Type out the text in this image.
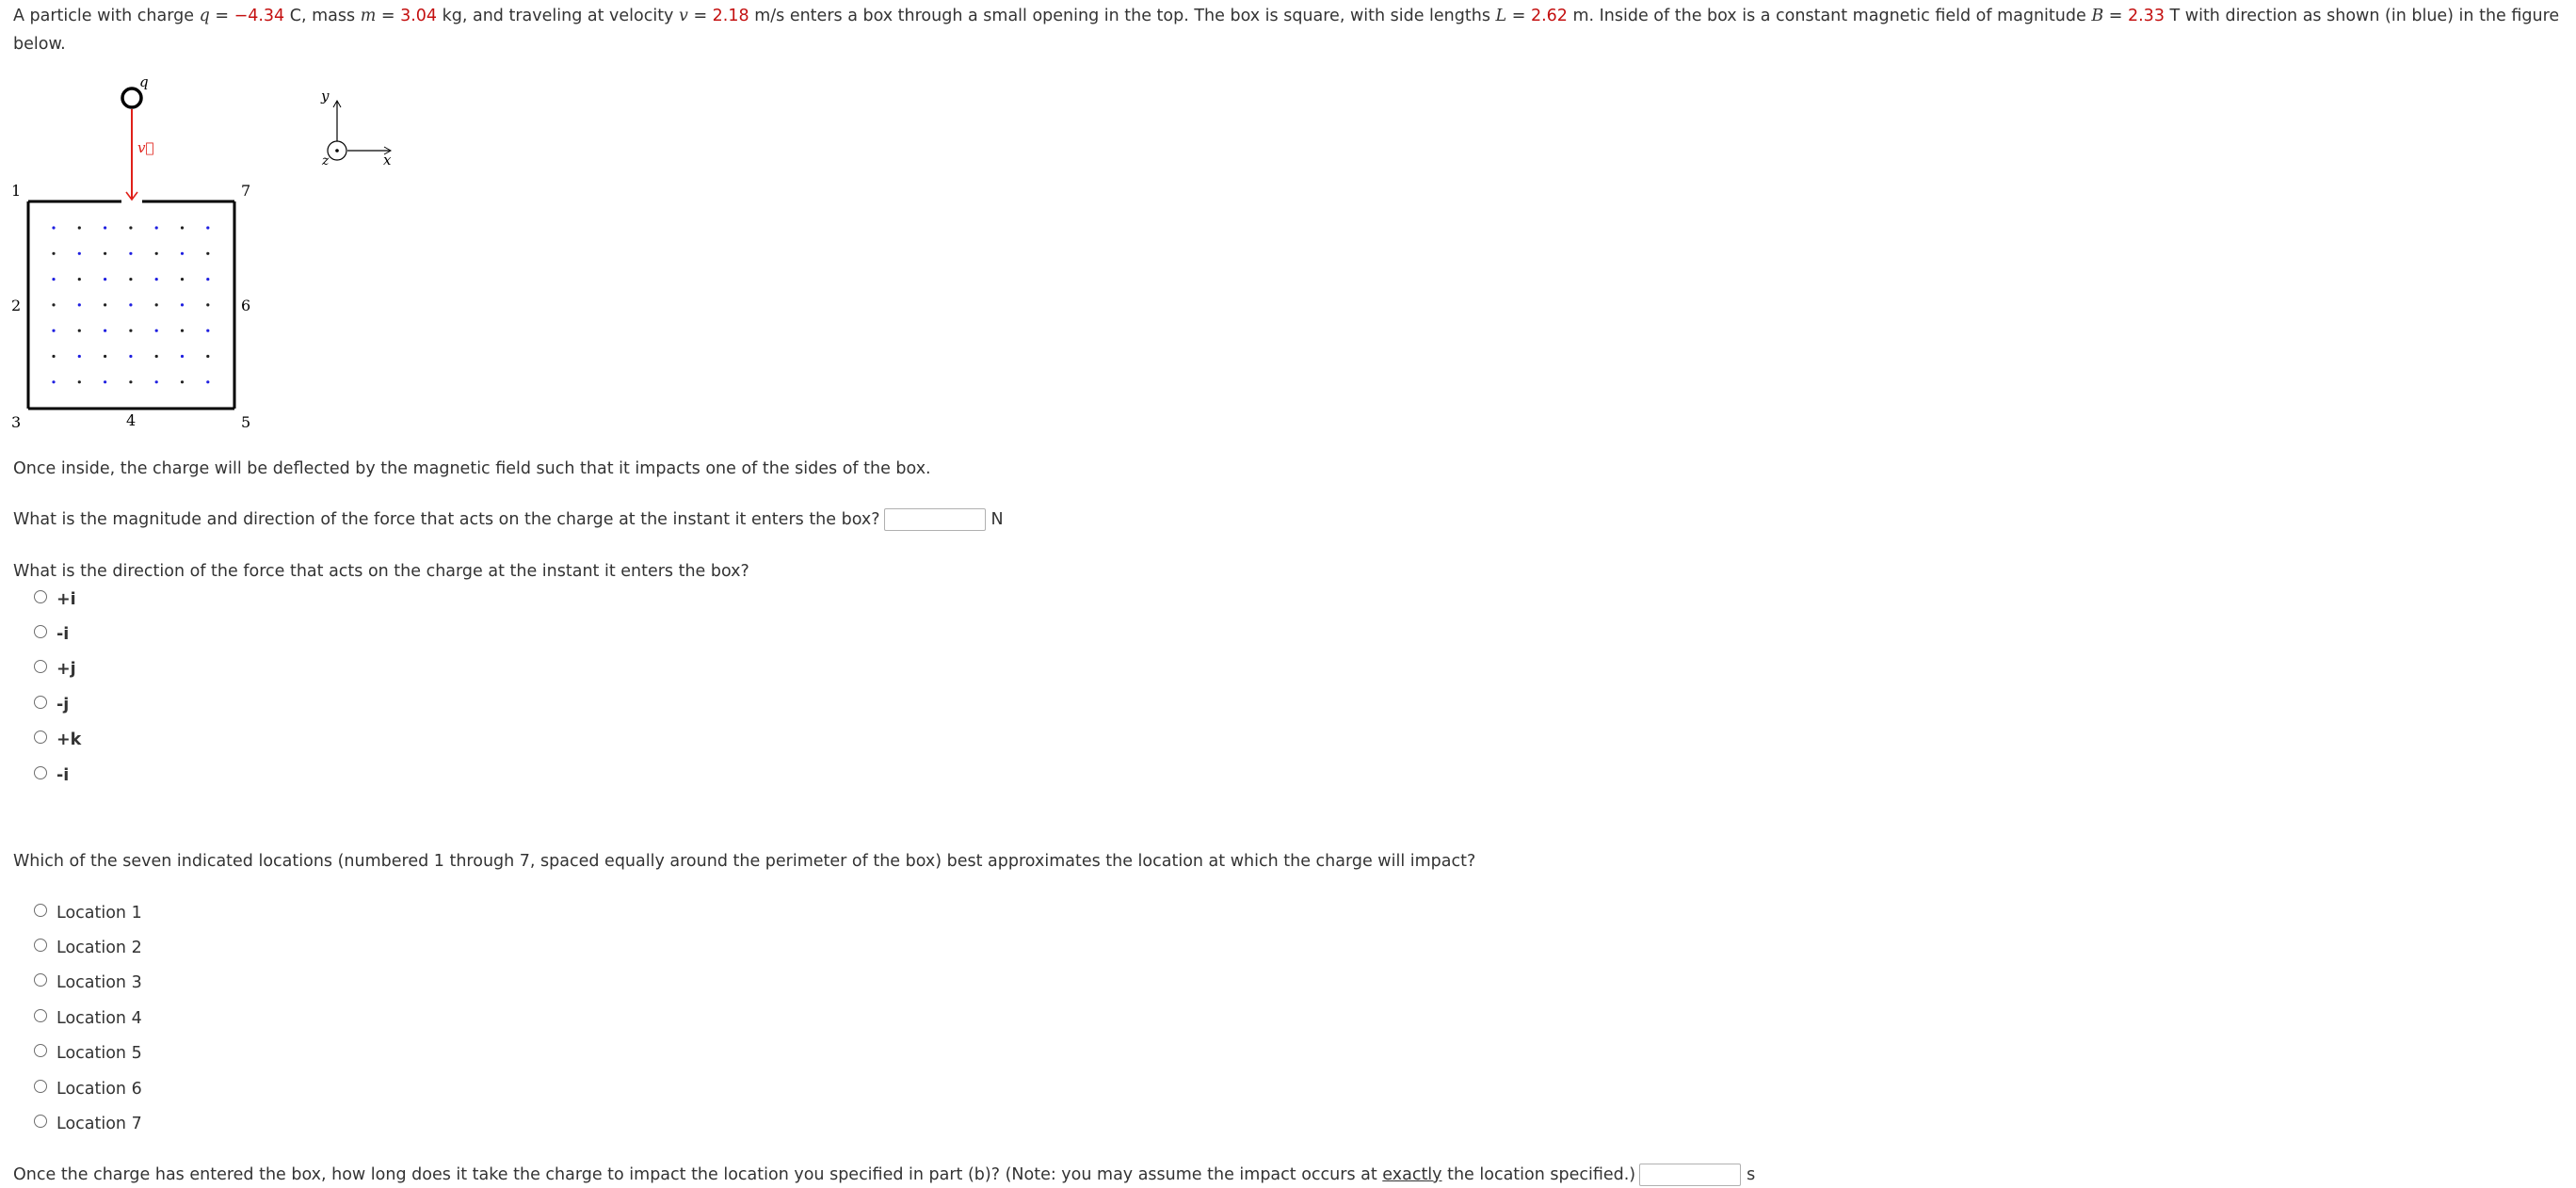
A particle with charge q = −4.34 C, mass m = 3.04 kg, and traveling at velocity v = 2.18 m/s enters a box through a small opening in the top. The box is square, with side lengths L = 2.62 m. Inside of the box is a constant magnetic field of magnitude B = 2.33 T with direction as shown (in blue) in the figure below.
q
v⃗
y
x
z
1
2
3	4	5
6
7
Once inside, the charge will be deflected by the magnetic field such that it impacts one of the sides of the box.
What is the magnitude and direction of the force that acts on the charge at the instant it enters the box?	N
What is the direction of the force that acts on the charge at the instant it enters the box?
+i
-i
+j
-j
+k
-i
Which of the seven indicated locations (numbered 1 through 7, spaced equally around the perimeter of the box) best approximates the location at which the charge will impact?
Location 1
Location 2
Location 3
Location 4
Location 5
Location 6
Location 7
Once the charge has entered the box, how long does it take the charge to impact the location you specified in part (b)? (Note: you may assume the impact occurs at exactly the location specified.)	s
